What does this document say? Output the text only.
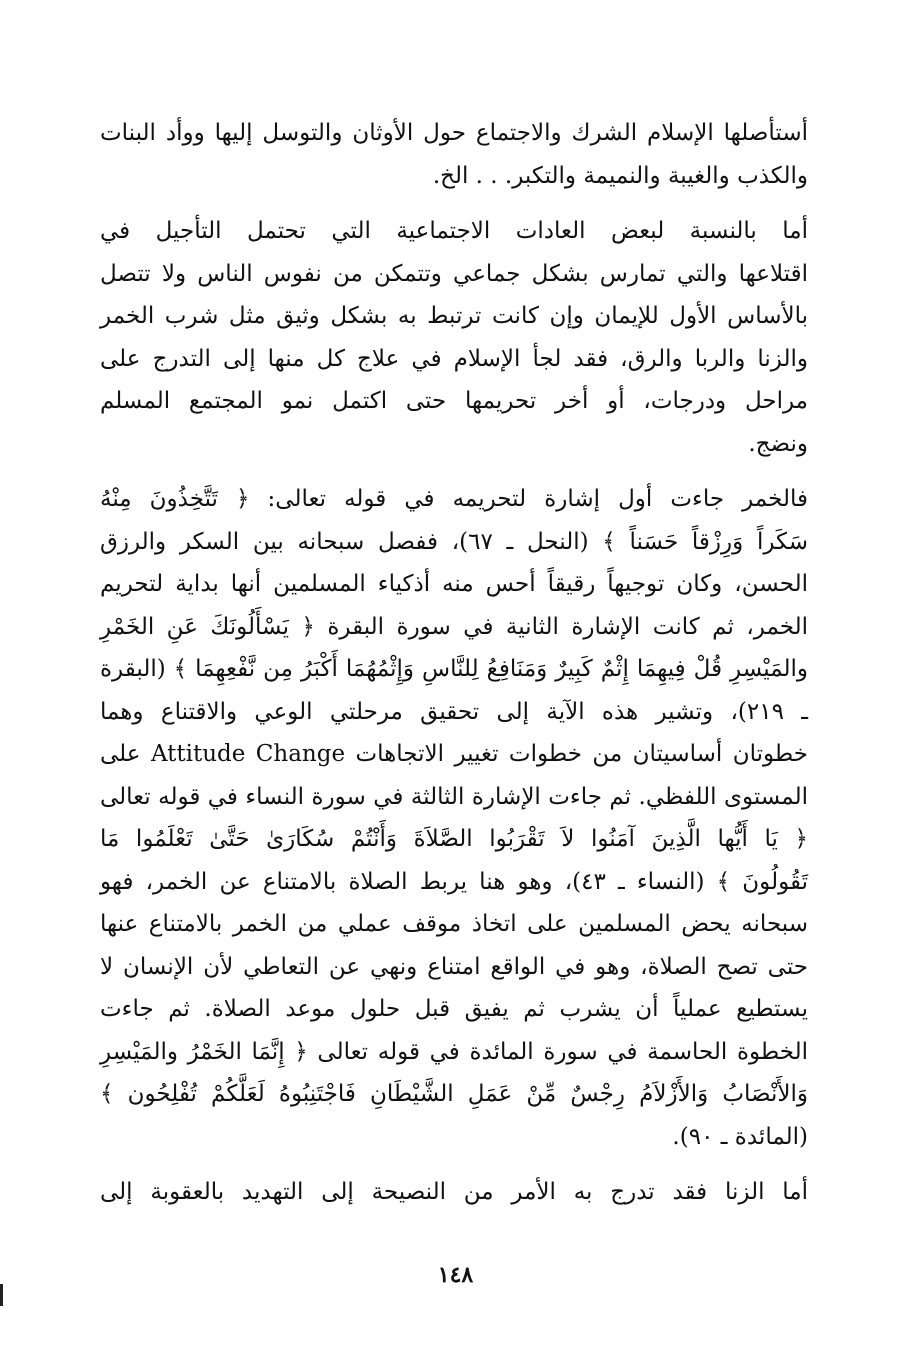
أستأصلها الإسلام الشرك والاجتماع حول الأوثان والتوسل إليها ووأد البنات
والكذب والغيبة والنميمة والتكبر. . . الخ.

أما بالنسبة لبعض العادات الاجتماعية التي تحتمل التأجيل في
اقتلاعها والتي تمارس بشكل جماعي وتتمكن من نفوس الناس ولا تتصل
بالأساس الأول للإيمان وإن كانت ترتبط به بشكل وثيق مثل شرب الخمر
والزنا والربا والرق، فقد لجأ الإسلام في علاج كل منها إلى التدرج على
مراحل ودرجات، أو أخر تحريمها حتى اكتمل نمو المجتمع المسلم
ونضج.

فالخمر جاءت أول إشارة لتحريمه في قوله تعالى: ﴿ تَتَّخِذُونَ مِنْهُ
سَكَراً وَرِزْقاً حَسَناً ﴾ (النحل ـ ٦٧)، ففصل سبحانه بين السكر والرزق
الحسن، وكان توجيهاً رقيقاً أحس منه أذكياء المسلمين أنها بداية لتحريم
الخمر، ثم كانت الإشارة الثانية في سورة البقرة ﴿ يَسْأَلُونَكَ عَنِ الخَمْرِ
والمَيْسِرِ قُلْ فِيهِمَا إِثْمٌ كَبِيرٌ وَمَنَافِعُ لِلنَّاسِ وَإِثْمُهُمَا أَكْبَرُ مِن نَّفْعِهِمَا ﴾ (البقرة
ـ ٢١٩)، وتشير هذه الآية إلى تحقيق مرحلتي الوعي والاقتناع وهما
خطوتان أساسيتان من خطوات تغيير الاتجاهات Attitude Change على
المستوى اللفظي. ثم جاءت الإشارة الثالثة في سورة النساء في قوله تعالى
﴿ يَا أَيُّها الَّذِينَ آمَنُوا لاَ تَقْرَبُوا الصَّلاَةَ وَأَنْتُمْ سُكَارَىٰ حَتَّىٰ تَعْلَمُوا مَا
تَقُولُونَ ﴾ (النساء ـ ٤٣)، وهو هنا يربط الصلاة بالامتناع عن الخمر، فهو
سبحانه يحض المسلمين على اتخاذ موقف عملي من الخمر بالامتناع عنها
حتى تصح الصلاة، وهو في الواقع امتناع ونهي عن التعاطي لأن الإنسان لا
يستطيع عملياً أن يشرب ثم يفيق قبل حلول موعد الصلاة. ثم جاءت
الخطوة الحاسمة في سورة المائدة في قوله تعالى ﴿ إِنَّمَا الخَمْرُ والمَيْسِرِ
وَالأَنْصَابُ وَالأَزْلاَمُ رِجْسٌ مِّنْ عَمَلِ الشَّيْطَانِ فَاجْتَنِبُوهُ لَعَلَّكُمْ تُفْلِحُون ﴾
(المائدة ـ ٩٠).

أما الزنا فقد تدرج به الأمر من النصيحة إلى التهديد بالعقوبة إلى

١٤٨
